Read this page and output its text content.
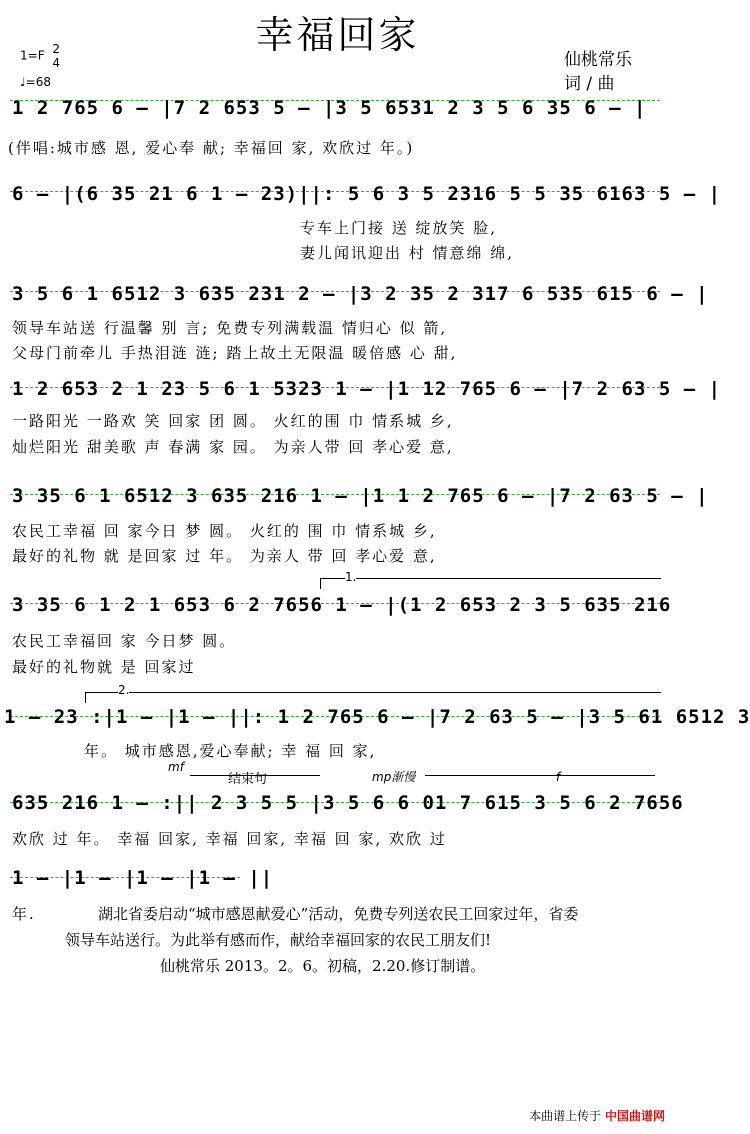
幸福回家
1=F 2
4
♩=68
仙桃常乐
词 / 曲
1 2 765 6 – |7 2 653 5 – |3 5 6531 2 3 5 6 35 6 – |
(伴唱:城市感 恩, 爱心奉 献; 幸福回 家, 欢欣过 年。)
6 – |(6 35 21 6 1 – 23)||: 5 6 3 5 2316 5 5 35 6163 5 – |
专车上门接 送 绽放笑 脸,
妻儿闻讯迎出 村 情意绵 绵,
3 5 6 1 6512 3 635 231 2 – |3 2 35 2 317 6 535 615 6 – |
领导车站送 行温馨 别 言; 免费专列满载温 情归心 似 箭,
父母门前牵儿 手热泪涟 涟; 踏上故土无限温 暖倍感 心 甜,
1 2 653 2 1 23 5 6 1 5323 1 – |1 12 765 6 – |7 2 63 5 – |
一路阳光 一路欢 笑 回家 团 圆。 火红的围 巾 情系城 乡,
灿烂阳光 甜美歌 声 春满 家 园。 为亲人带 回 孝心爱 意,
3 35 6 1 6512 3 635 216 1 – |1 1 2 765 6 – |7 2 63 5 – |
农民工幸福 回 家今日 梦 圆。 火红的 围 巾 情系城 乡,
最好的礼物 就 是回家 过 年。 为亲人 带 回 孝心爱 意,
1.
3 35 6 1 2 1 653 6 2 7656 1 – |(1 2 653 2 3 5 635 216
农民工幸福回 家 今日梦 圆。
最好的礼物就 是 回家过
2.
1 – 23 :|1 – |1 – ||: 1 2 765 6 – |7 2 63 5 – |3 5 61 6512 3
年。 城市感恩,爱心奉献; 幸 福 回 家,
mf
结束句	mp渐慢	f
635 216 1 – :|| 2 3 5 5 |3 5 6 6 01 7 615 3 5 6 2 7656
欢欣 过 年。 幸福 回家, 幸福 回家, 幸福 回 家, 欢欣 过
1 – |1 – |1 – |1 – ||
年.	湖北省委启动“城市感恩献爱心”活动，免费专列送农民工回家过年，省委
领导车站送行。为此举有感而作，献给幸福回家的农民工朋友们!
仙桃常乐 2013。2。6。初稿，2.20.修订制谱。
本曲谱上传于 中国曲谱网
